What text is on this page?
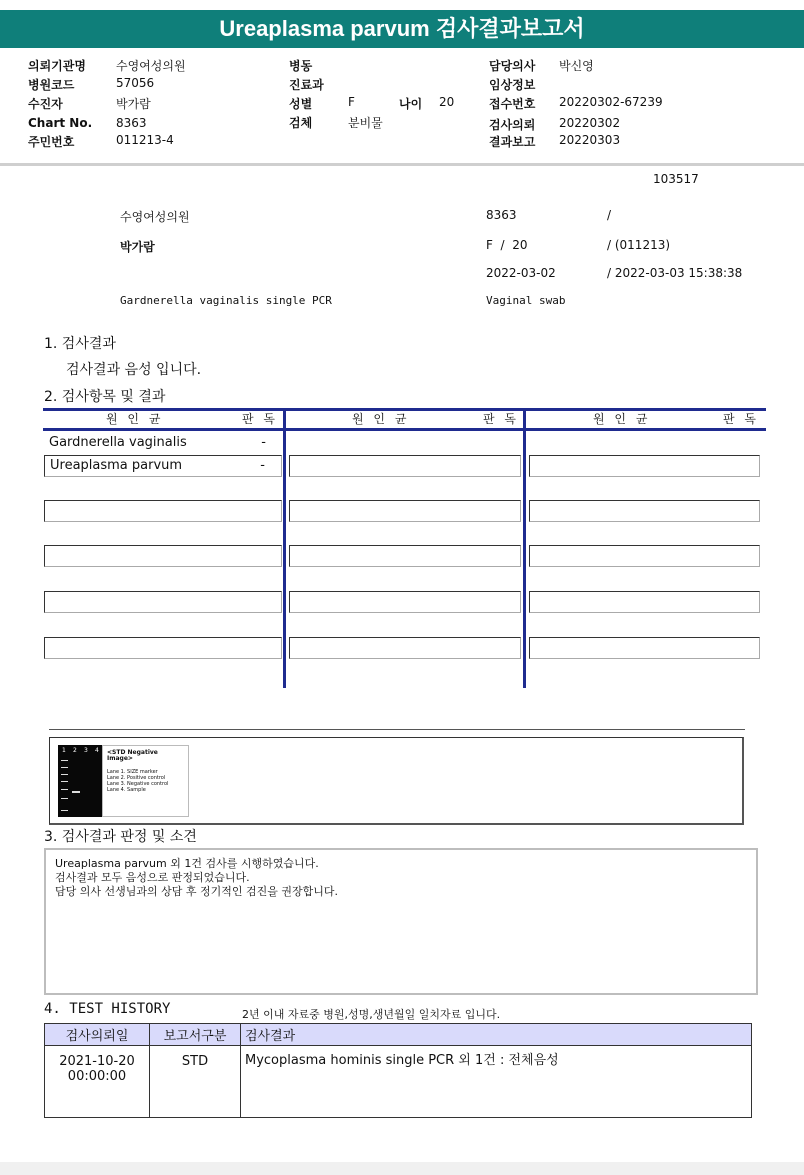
Ureaplasma parvum 검사결과보고서
의뢰기관명	수영여성의원
병원코드	57056
수진자	박가람
Chart No. 8363
주민번호	011213-4
병동
진료과
성별	F	나이 20
검체	분비물
담당의사 박신영
임상정보
접수번호 20220302-67239
검사의뢰 20220302
결과보고 20220303
103517
수영여성의원	8363	/
박가람	F  /  20	/ (011213)
2022-03-02	/ 2022-03-03 15:38:38
Gardnerella vaginalis single PCR	Vaginal swab
1. 검사결과
검사결과 음성 입니다.
2. 검사항목 및 결과
원 인 균	판 독	원 인 균	판 독	원 인 균	판 독
Gardnerella vaginalis	-
Ureaplasma parvum	-
1 2 3 4 <STD Negative Image>
Lane 1. SIZE marker
Lane 2. Positive control
Lane 3. Negative control
Lane 4. Sample
3. 검사결과 판정 및 소견
Ureaplasma parvum 외 1건 검사를 시행하였습니다.
검사결과 모두 음성으로 판정되었습니다.
담당 의사 선생님과의 상담 후 정기적인 검진을 권장합니다.
4. TEST HISTORY	2년 이내 자료중 병원,성명,생년월일 일치자료 입니다.
검사의뢰일	보고서구분	검사결과

2021-10-20
00:00:00	STD	Mycoplasma hominis single PCR 외 1건 : 전체음성
